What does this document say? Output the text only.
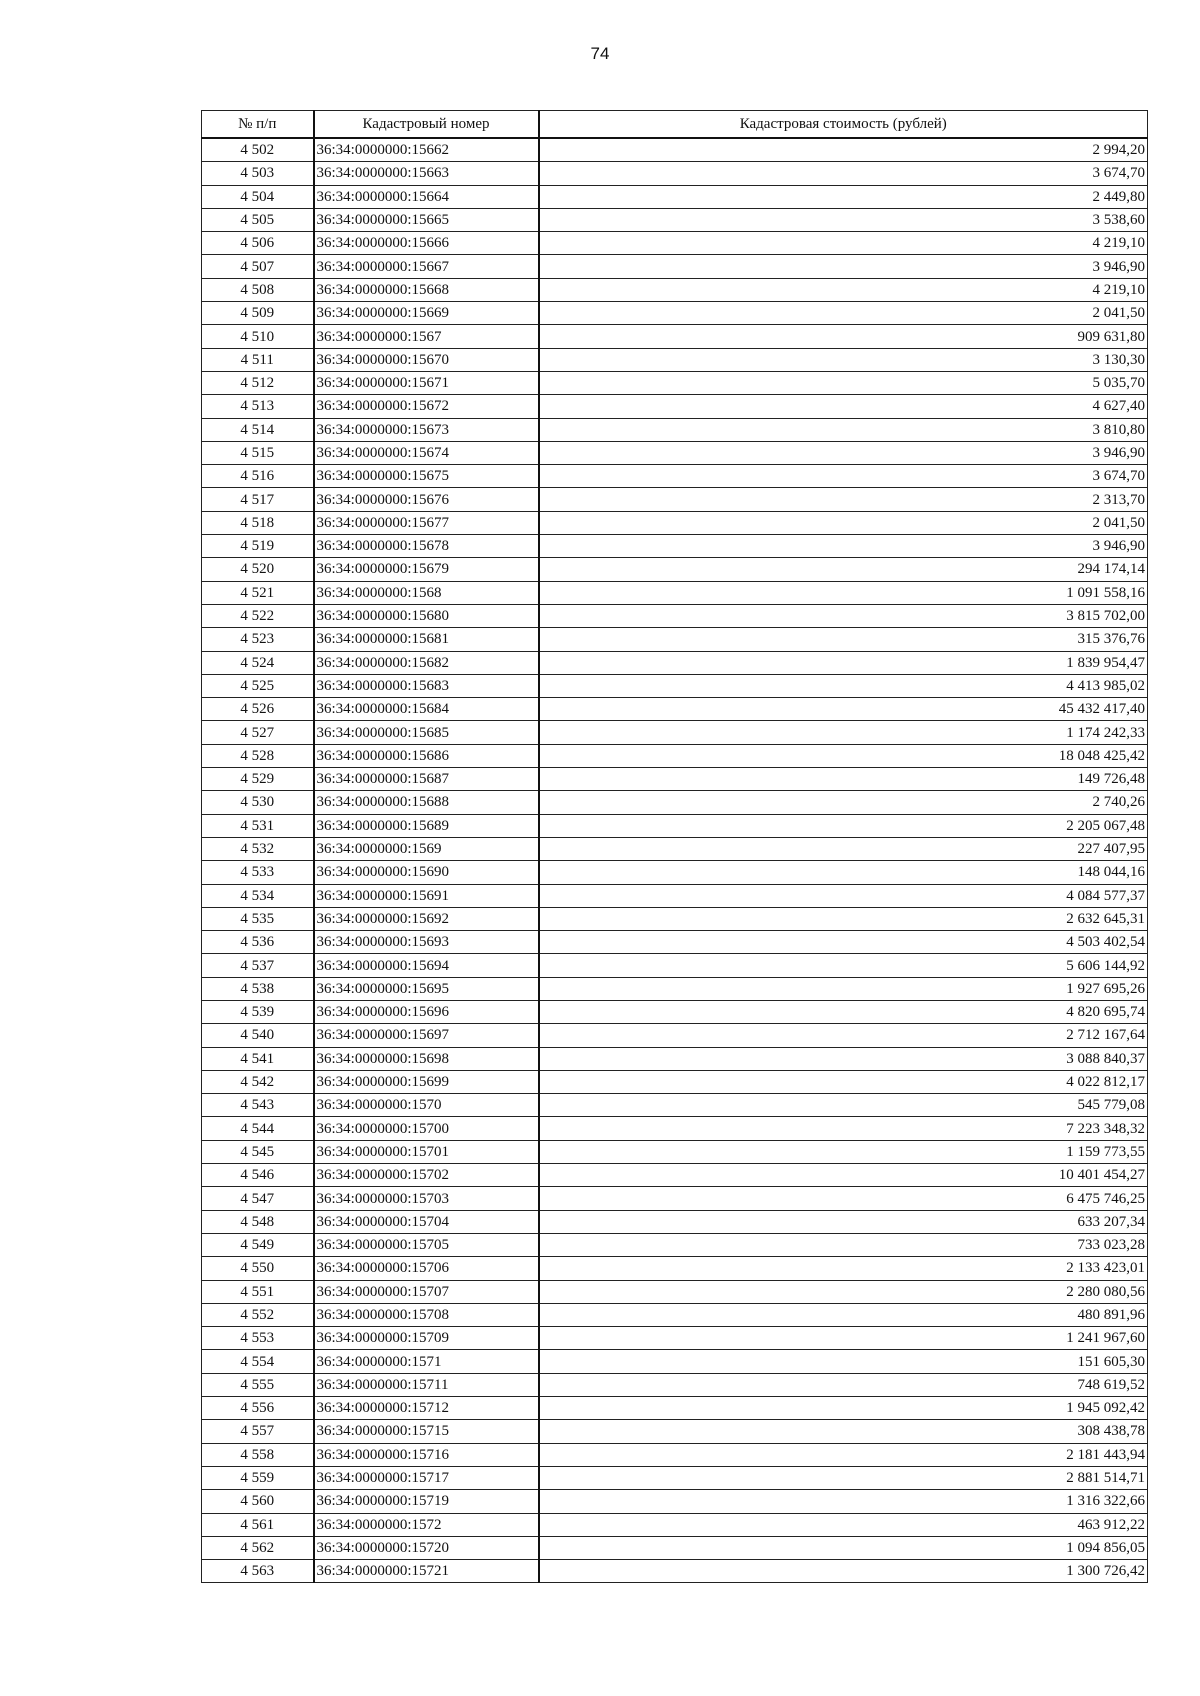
74
№ п/п	Кадастровый номер	Кадастровая стоимость (рублей)
4 502	36:34:0000000:15662	2 994,20
4 503	36:34:0000000:15663	3 674,70
4 504	36:34:0000000:15664	2 449,80
4 505	36:34:0000000:15665	3 538,60
4 506	36:34:0000000:15666	4 219,10
4 507	36:34:0000000:15667	3 946,90
4 508	36:34:0000000:15668	4 219,10
4 509	36:34:0000000:15669	2 041,50
4 510	36:34:0000000:1567	909 631,80
4 511	36:34:0000000:15670	3 130,30
4 512	36:34:0000000:15671	5 035,70
4 513	36:34:0000000:15672	4 627,40
4 514	36:34:0000000:15673	3 810,80
4 515	36:34:0000000:15674	3 946,90
4 516	36:34:0000000:15675	3 674,70
4 517	36:34:0000000:15676	2 313,70
4 518	36:34:0000000:15677	2 041,50
4 519	36:34:0000000:15678	3 946,90
4 520	36:34:0000000:15679	294 174,14
4 521	36:34:0000000:1568	1 091 558,16
4 522	36:34:0000000:15680	3 815 702,00
4 523	36:34:0000000:15681	315 376,76
4 524	36:34:0000000:15682	1 839 954,47
4 525	36:34:0000000:15683	4 413 985,02
4 526	36:34:0000000:15684	45 432 417,40
4 527	36:34:0000000:15685	1 174 242,33
4 528	36:34:0000000:15686	18 048 425,42
4 529	36:34:0000000:15687	149 726,48
4 530	36:34:0000000:15688	2 740,26
4 531	36:34:0000000:15689	2 205 067,48
4 532	36:34:0000000:1569	227 407,95
4 533	36:34:0000000:15690	148 044,16
4 534	36:34:0000000:15691	4 084 577,37
4 535	36:34:0000000:15692	2 632 645,31
4 536	36:34:0000000:15693	4 503 402,54
4 537	36:34:0000000:15694	5 606 144,92
4 538	36:34:0000000:15695	1 927 695,26
4 539	36:34:0000000:15696	4 820 695,74
4 540	36:34:0000000:15697	2 712 167,64
4 541	36:34:0000000:15698	3 088 840,37
4 542	36:34:0000000:15699	4 022 812,17
4 543	36:34:0000000:1570	545 779,08
4 544	36:34:0000000:15700	7 223 348,32
4 545	36:34:0000000:15701	1 159 773,55
4 546	36:34:0000000:15702	10 401 454,27
4 547	36:34:0000000:15703	6 475 746,25
4 548	36:34:0000000:15704	633 207,34
4 549	36:34:0000000:15705	733 023,28
4 550	36:34:0000000:15706	2 133 423,01
4 551	36:34:0000000:15707	2 280 080,56
4 552	36:34:0000000:15708	480 891,96
4 553	36:34:0000000:15709	1 241 967,60
4 554	36:34:0000000:1571	151 605,30
4 555	36:34:0000000:15711	748 619,52
4 556	36:34:0000000:15712	1 945 092,42
4 557	36:34:0000000:15715	308 438,78
4 558	36:34:0000000:15716	2 181 443,94
4 559	36:34:0000000:15717	2 881 514,71
4 560	36:34:0000000:15719	1 316 322,66
4 561	36:34:0000000:1572	463 912,22
4 562	36:34:0000000:15720	1 094 856,05
4 563	36:34:0000000:15721	1 300 726,42
